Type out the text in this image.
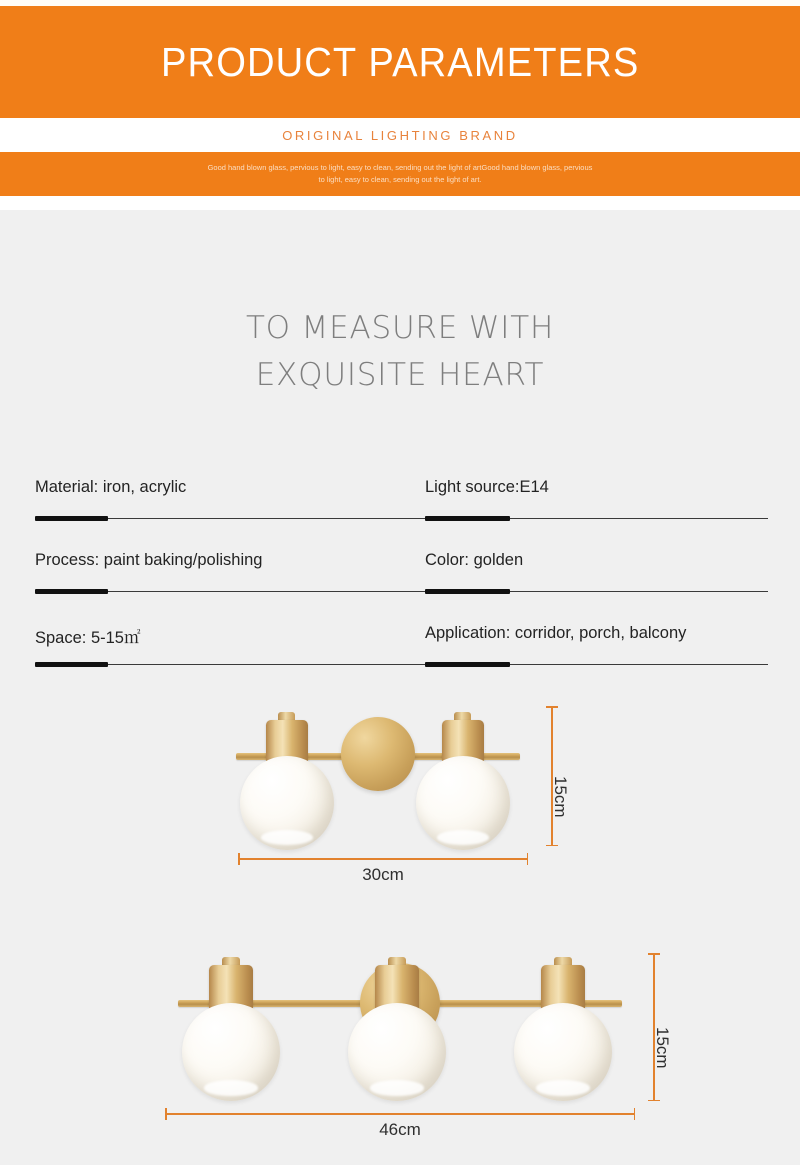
PRODUCT PARAMETERS
ORIGINAL LIGHTING BRAND
Good hand blown glass, pervious to light, easy to clean, sending out the light of artGood hand blown glass, pervious to light, easy to clean, sending out the light of art.
TO MEASURE WITH
EXQUISITE HEART
Material: iron, acrylic	Light source:E14
Process: paint baking/polishing	Color: golden
Space: 5-15㎡	Application: corridor, porch, balcony
15cm
30cm
15cm
46cm
